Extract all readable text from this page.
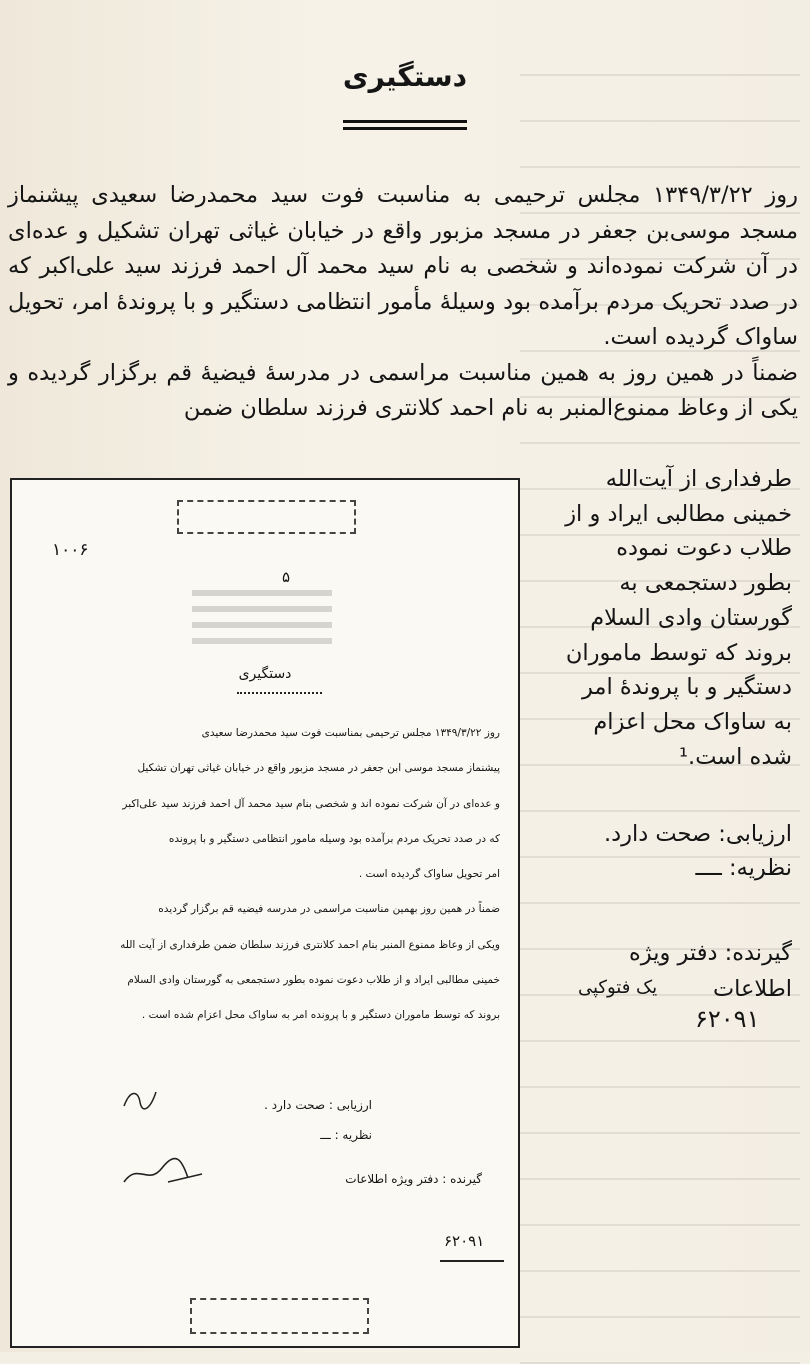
دستگیری

روز ۱۳۴۹/۳/۲۲ مجلس ترحیمی به مناسبت فوت سید محمدرضا سعیدی پیشنماز مسجد موسی‌بن جعفر در مسجد مزبور واقع در خیابان غیاثی تهران تشکیل و عده‌ای در آن شرکت نموده‌اند و شخصی به نام سید محمد آل احمد فرزند سید علی‌اکبر که در صدد تحریک مردم برآمده بود وسیلهٔ مأمور انتظامی دستگیر و با پروندهٔ امر، تحویل ساواک گردیده است.

ضمناً در همین روز به همین مناسبت مراسمی در مدرسهٔ فیضیهٔ قم برگزار گردیده و یکی از وعاظ ممنوع‌المنبر به نام احمد کلانتری فرزند سلطان ضمن

طرفداری از آیت‌الله

خمینی مطالبی ایراد و از

طلاب دعوت نموده

بطور دستجمعی به

گورستان وادی السلام

بروند که توسط ماموران

دستگیر و با پروندهٔ امر

به ساواک محل اعزام

شده است.¹

ارزیابی: صحت دارد.
نظریه: ــــ
گیرنده: دفتر ویژه اطلاعات
یک فتوکپی
۶۲۰۹۱
۱۰۰۶
۵
دستگیری

روز ۱۳۴۹/۳/۲۲ مجلس ترحیمی بمناسبت فوت سید محمدرضا سعیدی

پیشنماز مسجد موسی ابن جعفر در مسجد مزبور واقع در خیابان غیاثی تهران تشکیل

و عده‌ای در آن شرکت نموده اند و شخصی بنام سید محمد آل احمد فرزند سید علی‌اکبر

که در صدد تحریک مردم برآمده بود وسیله مامور انتظامی دستگیر و با پرونده

امر تحویل ساواک گردیده است .

ضمناً در همین روز بهمین مناسبت مراسمی در مدرسه فیضیه قم برگزار گردیده

ویکی از وعاظ ممنوع المنبر بنام احمد کلانتری فرزند سلطان ضمن طرفداری از آیت الله

خمینی مطالبی ایراد و از طلاب دعوت نموده بطور دستجمعی به گورستان وادی السلام

بروند که توسط ماموران دستگیر و با پرونده امر به ساواک محل اعزام شده است .

ارزیابی : صحت دارد .

نظریه : ـــ

گیرنده : دفتر ویژه اطلاعات
۶۲۰۹۱
